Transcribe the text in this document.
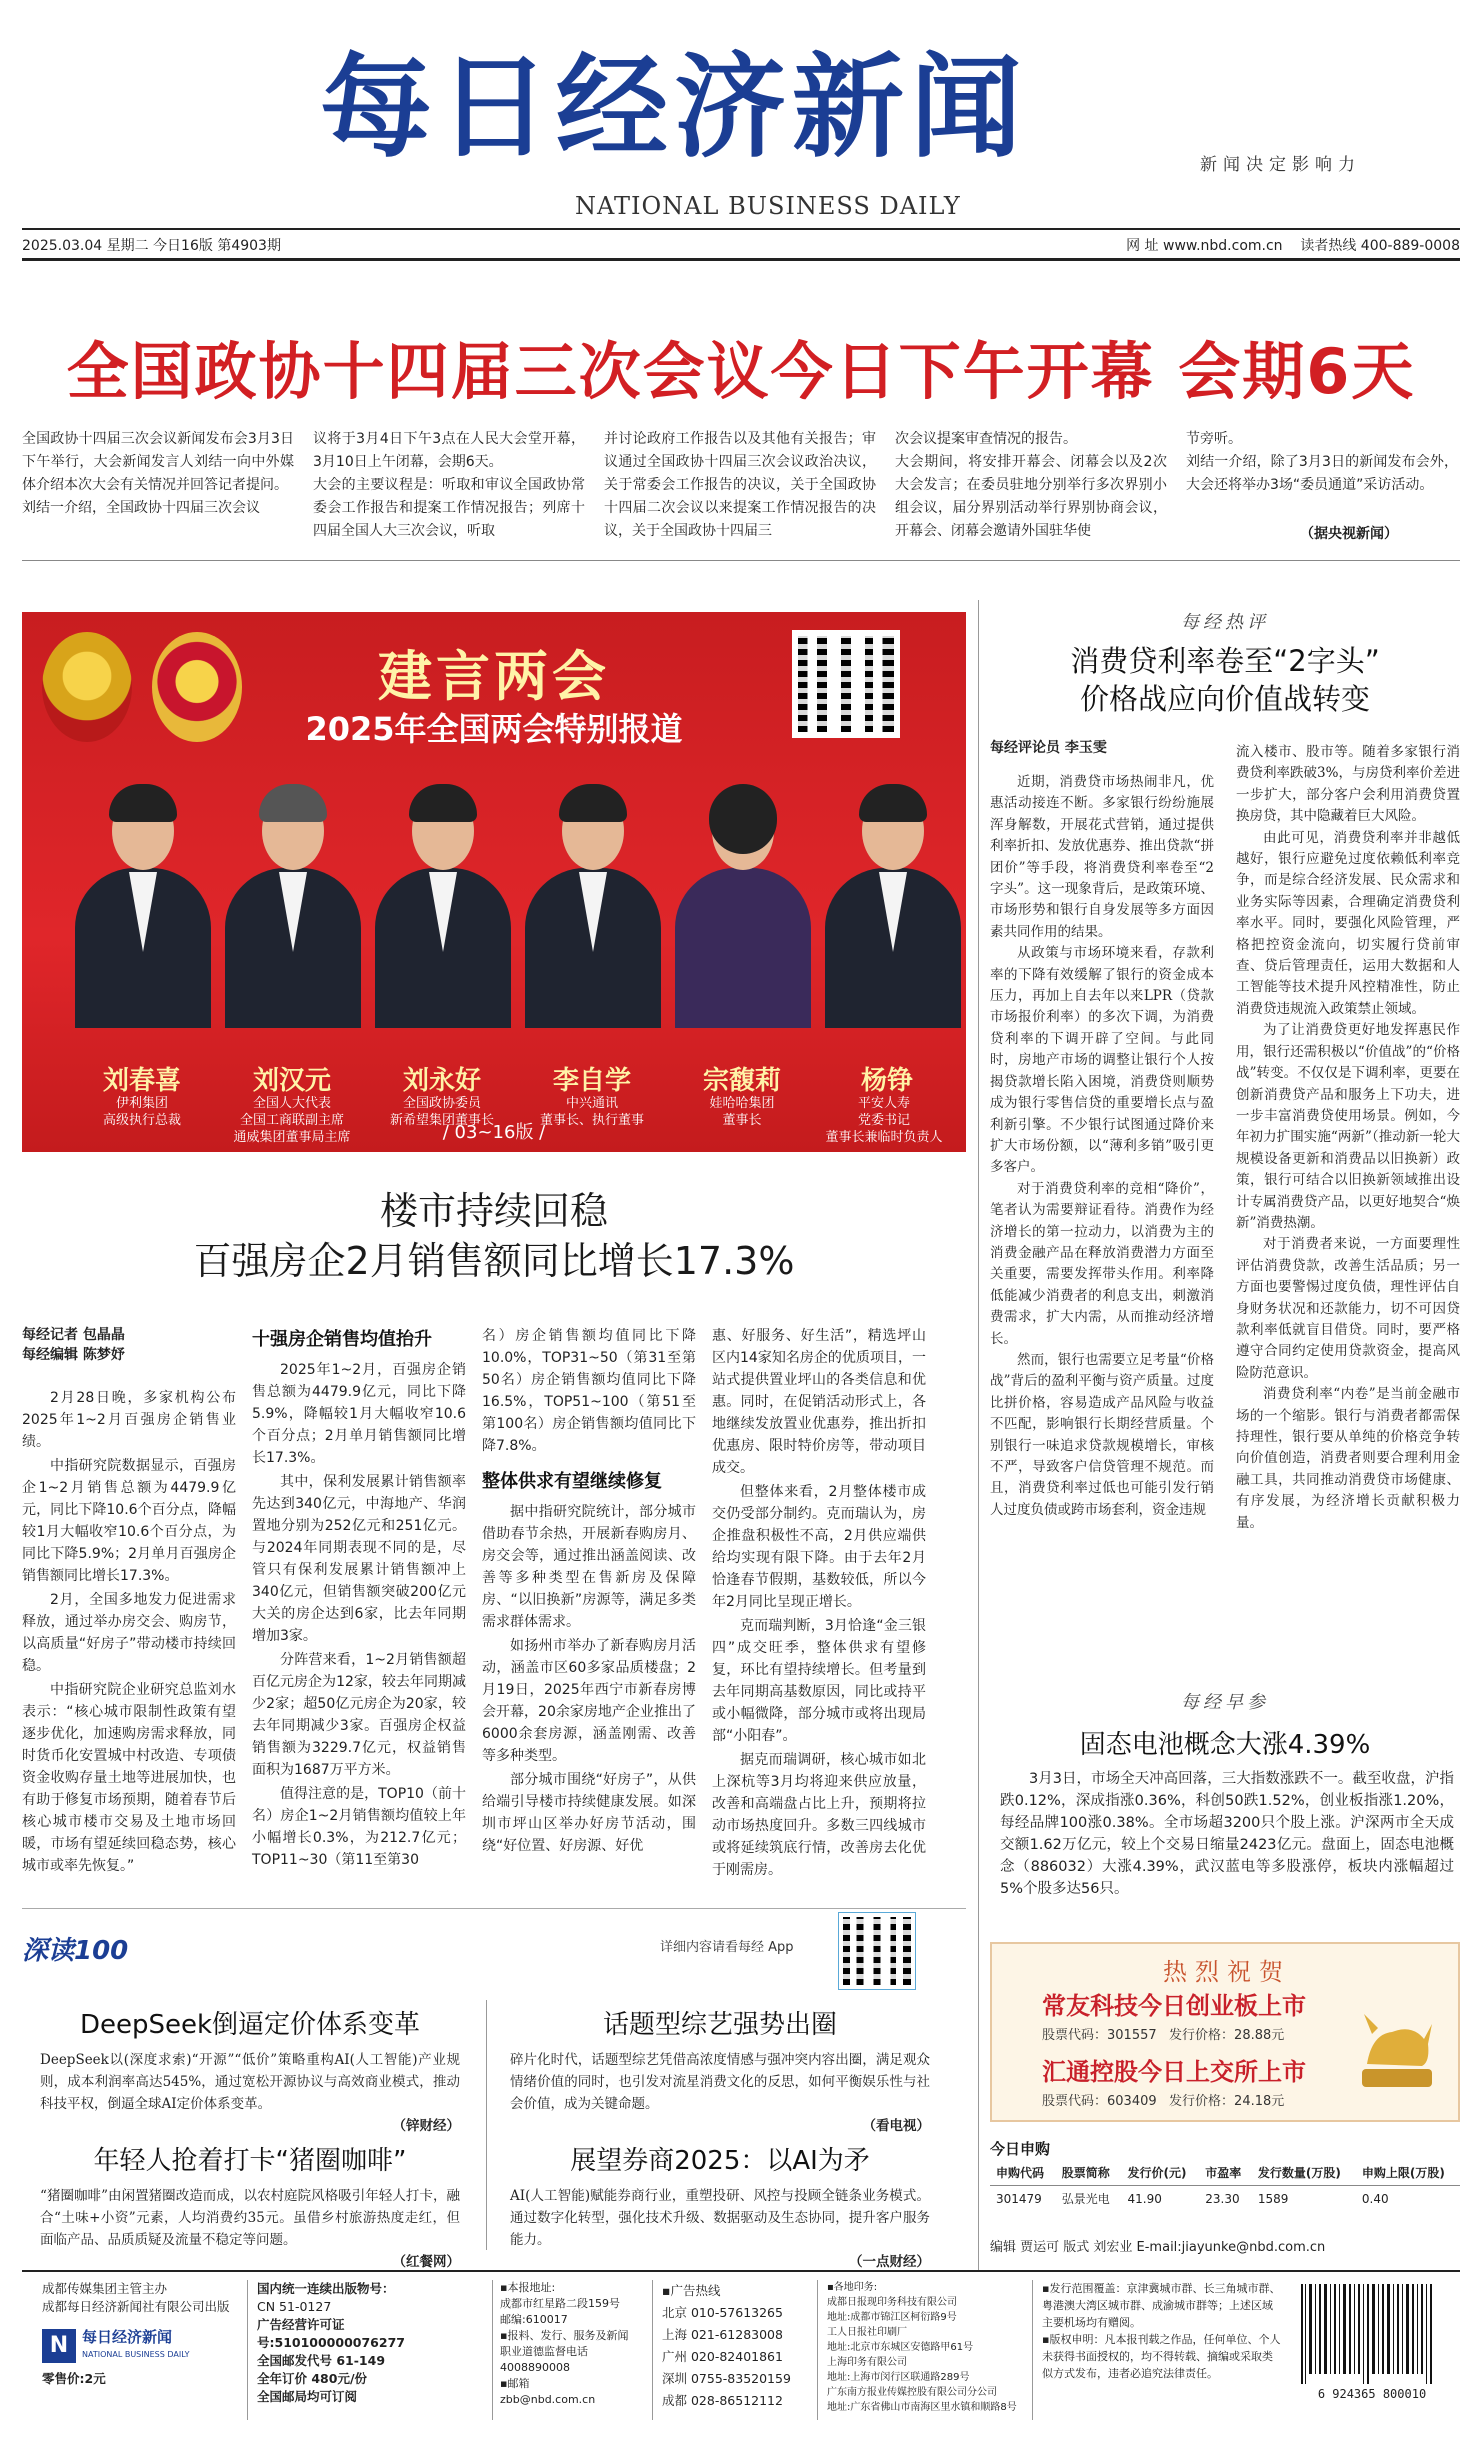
每日经济新闻
NATIONAL BUSINESS DAILY
新闻决定影响力
2025.03.04 星期二 今日16版 第4903期	网 址 www.nbd.com.cn 读者热线 400-889-0008
全国政协十四届三次会议今日下午开幕 会期6天
全国政协十四届三次会议新闻发布会3月3日下午举行，大会新闻发言人刘结一向中外媒体介绍本次大会有关情况并回答记者提问。
刘结一介绍，全国政协十四届三次会议
议将于3月4日下午3点在人民大会堂开幕，3月10日上午闭幕，会期6天。
大会的主要议程是：听取和审议全国政协常委会工作报告和提案工作情况报告；列席十四届全国人大三次会议，听取
并讨论政府工作报告以及其他有关报告；审议通过全国政协十四届三次会议政治决议，关于常委会工作报告的决议，关于全国政协十四届二次会议以来提案工作情况报告的决议，关于全国政协十四届三
次会议提案审查情况的报告。
大会期间，将安排开幕会、闭幕会以及2次大会发言；在委员驻地分别举行多次界别小组会议，届分界别活动举行界别协商会议，开幕会、闭幕会邀请外国驻华使
节旁听。
刘结一介绍，除了3月3日的新闻发布会外，大会还将举办3场“委员通道”采访活动。
（据央视新闻）
建言两会
2025年全国两会特别报道
刘春喜	刘汉元	刘永好	李自学	宗馥莉	杨铮
伊利集团
高级执行总裁
全国人大代表
全国工商联副主席
通威集团董事局主席
全国政协委员
新希望集团董事长
中兴通讯
董事长、执行董事
娃哈哈集团
董事长
平安人寿
党委书记
董事长兼临时负责人
/ 03~16版 /
楼市持续回稳
百强房企2月销售额同比增长17.3%
每经记者 包晶晶
每经编辑 陈梦妤

2月28日晚，多家机构公布2025年1~2月百强房企销售业绩。

中指研究院数据显示，百强房企1~2月销售总额为4479.9亿元，同比下降10.6个百分点，降幅较1月大幅收窄10.6个百分点，为同比下降5.9%；2月单月百强房企销售额同比增长17.3%。

2月，全国多地发力促进需求释放，通过举办房交会、购房节，以高质量“好房子”带动楼市持续回稳。

中指研究院企业研究总监刘水表示：“核心城市限制性政策有望逐步优化，加速购房需求释放，同时货币化安置城中村改造、专项债资金收购存量土地等进展加快，也有助于修复市场预期，随着春节后核心城市楼市交易及土地市场回暖，市场有望延续回稳态势，核心城市或率先恢复。”

十强房企销售均值抬升

2025年1~2月，百强房企销售总额为4479.9亿元，同比下降5.9%，降幅较1月大幅收窄10.6个百分点；2月单月销售额同比增长17.3%。

其中，保利发展累计销售额率先达到340亿元，中海地产、华润置地分别为252亿元和251亿元。与2024年同期表现不同的是，尽管只有保利发展累计销售额冲上340亿元，但销售额突破200亿元大关的房企达到6家，比去年同期增加3家。

分阵营来看，1~2月销售额超百亿元房企为12家，较去年同期减少2家；超50亿元房企为20家，较去年同期减少3家。百强房企权益销售额为3229.7亿元，权益销售面积为1687万平方米。

值得注意的是，TOP10（前十名）房企1~2月销售额均值较上年小幅增长0.3%，为212.7亿元；TOP11~30（第11至第30

名）房企销售额均值同比下降10.0%，TOP31~50（第31至第50名）房企销售额均值同比下降16.5%，TOP51~100（第51至第100名）房企销售额均值同比下降7.8%。

整体供求有望继续修复

据中指研究院统计，部分城市借助春节余热，开展新春购房月、房交会等，通过推出涵盖阅读、改善等多种类型在售新房及保障房、“以旧换新”房源等，满足多类需求群体需求。

如扬州市举办了新春购房月活动，涵盖市区60多家品质楼盘；2月19日，2025年西宁市新春房博会开幕，20余家房地产企业推出了6000余套房源，涵盖刚需、改善等多种类型。

部分城市围绕“好房子”，从供给端引导楼市持续健康发展。如深圳市坪山区举办好房节活动，围绕“好位置、好房源、好优

惠、好服务、好生活”，精选坪山区内14家知名房企的优质项目，一站式提供置业坪山的各类信息和优惠。同时，在促销活动形式上，各地继续发放置业优惠券，推出折扣优惠房、限时特价房等，带动项目成交。

但整体来看，2月整体楼市成交仍受部分制约。克而瑞认为，房企推盘积极性不高，2月供应端供给均实现有限下降。由于去年2月恰逢春节假期，基数较低，所以今年2月同比呈现正增长。

克而瑞判断，3月恰逢“金三银四”成交旺季，整体供求有望修复，环比有望持续增长。但考量到去年同期高基数原因，同比或持平或小幅微降，部分城市或将出现局部“小阳春”。

据克而瑞调研，核心城市如北上深杭等3月均将迎来供应放量，改善和高端盘占比上升，预期将拉动市场热度回升。多数三四线城市或将延续筑底行情，改善房去化优于刚需房。

每经热评
消费贷利率卷至“2字头”
价格战应向价值战转变
每经评论员 李玉雯

近期，消费贷市场热闹非凡，优惠活动接连不断。多家银行纷纷施展浑身解数，开展花式营销，通过提供利率折扣、发放优惠券、推出贷款“拼团价”等手段，将消费贷利率卷至“2字头”。这一现象背后，是政策环境、市场形势和银行自身发展等多方面因素共同作用的结果。

从政策与市场环境来看，存款利率的下降有效缓解了银行的资金成本压力，再加上自去年以来LPR（贷款市场报价利率）的多次下调，为消费贷利率的下调开辟了空间。与此同时，房地产市场的调整让银行个人按揭贷款增长陷入困境，消费贷则顺势成为银行零售信贷的重要增长点与盈利新引擎。不少银行试图通过降价来扩大市场份额，以“薄利多销”吸引更多客户。

对于消费贷利率的竞相“降价”，笔者认为需要辩证看待。消费作为经济增长的第一拉动力，以消费为主的消费金融产品在释放消费潜力方面至关重要，需要发挥带头作用。利率降低能减少消费者的利息支出，刺激消费需求，扩大内需，从而推动经济增长。

然而，银行也需要立足考量“价格战”背后的盈利平衡与资产质量。过度比拼价格，容易造成产品风险与收益不匹配，影响银行长期经营质量。个别银行一味追求贷款规模增长，审核不严，导致客户信贷管理不规范。而且，消费贷利率过低也可能引发行销人过度负债或跨市场套利，资金违规

流入楼市、股市等。随着多家银行消费贷利率跌破3%，与房贷利率价差进一步扩大，部分客户会利用消费贷置换房贷，其中隐藏着巨大风险。

由此可见，消费贷利率并非越低越好，银行应避免过度依赖低利率竞争，而是综合经济发展、民众需求和业务实际等因素，合理确定消费贷利率水平。同时，要强化风险管理，严格把控资金流向，切实履行贷前审查、贷后管理责任，运用大数据和人工智能等技术提升风控精准性，防止消费贷违规流入政策禁止领域。

为了让消费贷更好地发挥惠民作用，银行还需积极以“价值战”的“价格战”转变。不仅仅是下调利率，更要在创新消费贷产品和服务上下功夫，进一步丰富消费贷使用场景。例如，今年初力扩围实施“两新”（推动新一轮大规模设备更新和消费品以旧换新）政策，银行可结合以旧换新领域推出设计专属消费贷产品，以更好地契合“焕新”消费热潮。

对于消费者来说，一方面要理性评估消费贷款，改善生活品质；另一方面也要警惕过度负债，理性评估自身财务状况和还款能力，切不可因贷款利率低就盲目借贷。同时，要严格遵守合同约定使用贷款资金，提高风险防范意识。

消费贷利率“内卷”是当前金融市场的一个缩影。银行与消费者都需保持理性，银行要从单纯的价格竞争转向价值创造，消费者则要合理利用金融工具，共同推动消费贷市场健康、有序发展，为经济增长贡献积极力量。

每经早参
固态电池概念大涨4.39%
3月3日，市场全天冲高回落，三大指数涨跌不一。截至收盘，沪指跌0.12%，深成指涨0.36%，科创50跌1.52%，创业板指涨1.20%，每经品牌100涨0.38%。全市场超3200只个股上涨。沪深两市全天成交额1.62万亿元，较上个交易日缩量2423亿元。盘面上，固态电池概念（886032）大涨4.39%，武汉蓝电等多股涨停，板块内涨幅超过5%个股多达56只。
热烈祝贺
常友科技今日创业板上市
股票代码：301557 发行价格：28.88元
汇通控股今日上交所上市
股票代码：603409 发行价格：24.18元
今日申购
申购代码	股票简称	发行价(元)	市盈率	发行数量(万股)	申购上限(万股)
301479	弘景光电	41.90	23.30	1589	0.40
编辑 贾运可 版式 刘宏业 E-mail:jiayunke@nbd.com.cn
深读100	详细内容请看每经 App
DeepSeek倒逼定价体系变革
DeepSeek以(深度求索)“开源”“低价”策略重构AI(人工智能)产业规则，成本利润率高达545%，通过宽松开源协议与高效商业模式，推动科技平权，倒逼全球AI定价体系变革。
（锌财经）
话题型综艺强势出圈
碎片化时代，话题型综艺凭借高浓度情感与强冲突内容出圈，满足观众情绪价值的同时，也引发对流星消费文化的反思，如何平衡娱乐性与社会价值，成为关键命题。
（看电视）
年轻人抢着打卡“猪圈咖啡”
“猪圈咖啡”由闲置猪圈改造而成，以农村庭院风格吸引年轻人打卡，融合“土味+小资”元素，人均消费约35元。虽借乡村旅游热度走红，但面临产品、品质质疑及流量不稳定等问题。
（红餐网）
展望券商2025：以AI为矛
AI(人工智能)赋能券商行业，重塑投研、风控与投顾全链条业务模式。通过数字化转型，强化技术升级、数据驱动及生态协同，提升客户服务能力。
（一点财经）
成都传媒集团主管主办
成都每日经济新闻社有限公司出版
N 每日经济新闻
NATIONAL BUSINESS DAILY
零售价:2元
国内统一连续出版物号：
CN 51-0127
广告经营许可证号:510100000076277
全国邮发代号 61-149
全年订价 480元/份
全国邮局均可订阅
▪本报地址:
成都市红星路二段159号
邮编:610017
▪报料、发行、服务及新闻
职业道德监督电话
4008890008
▪邮箱
zbb@nbd.com.cn
▪广告热线
北京 010-57613265
上海 021-61283008
广州 020-82401861
深圳 0755-83520159
成都 028-86512112
▪各地印务:
成都日报现印务科技有限公司
地址:成都市锦江区柯衍路9号
工人日报社印刷厂
地址:北京市东城区安德路甲61号
上海印务有限公司
地址:上海市闵行区联通路289号
广东南方报业传媒控股有限公司分公司
地址:广东省佛山市南海区里水镇和顺路8号
▪发行范围覆盖：京津冀城市群、长三角城市群、粤港澳大湾区城市群、成渝城市群等；上述区域主要机场均有赠阅。
▪版权申明：凡本报刊载之作品，任何单位、个人未获得书面授权的，均不得转载、摘编或采取类似方式发布，违者必追究法律责任。
6 924365 800010
